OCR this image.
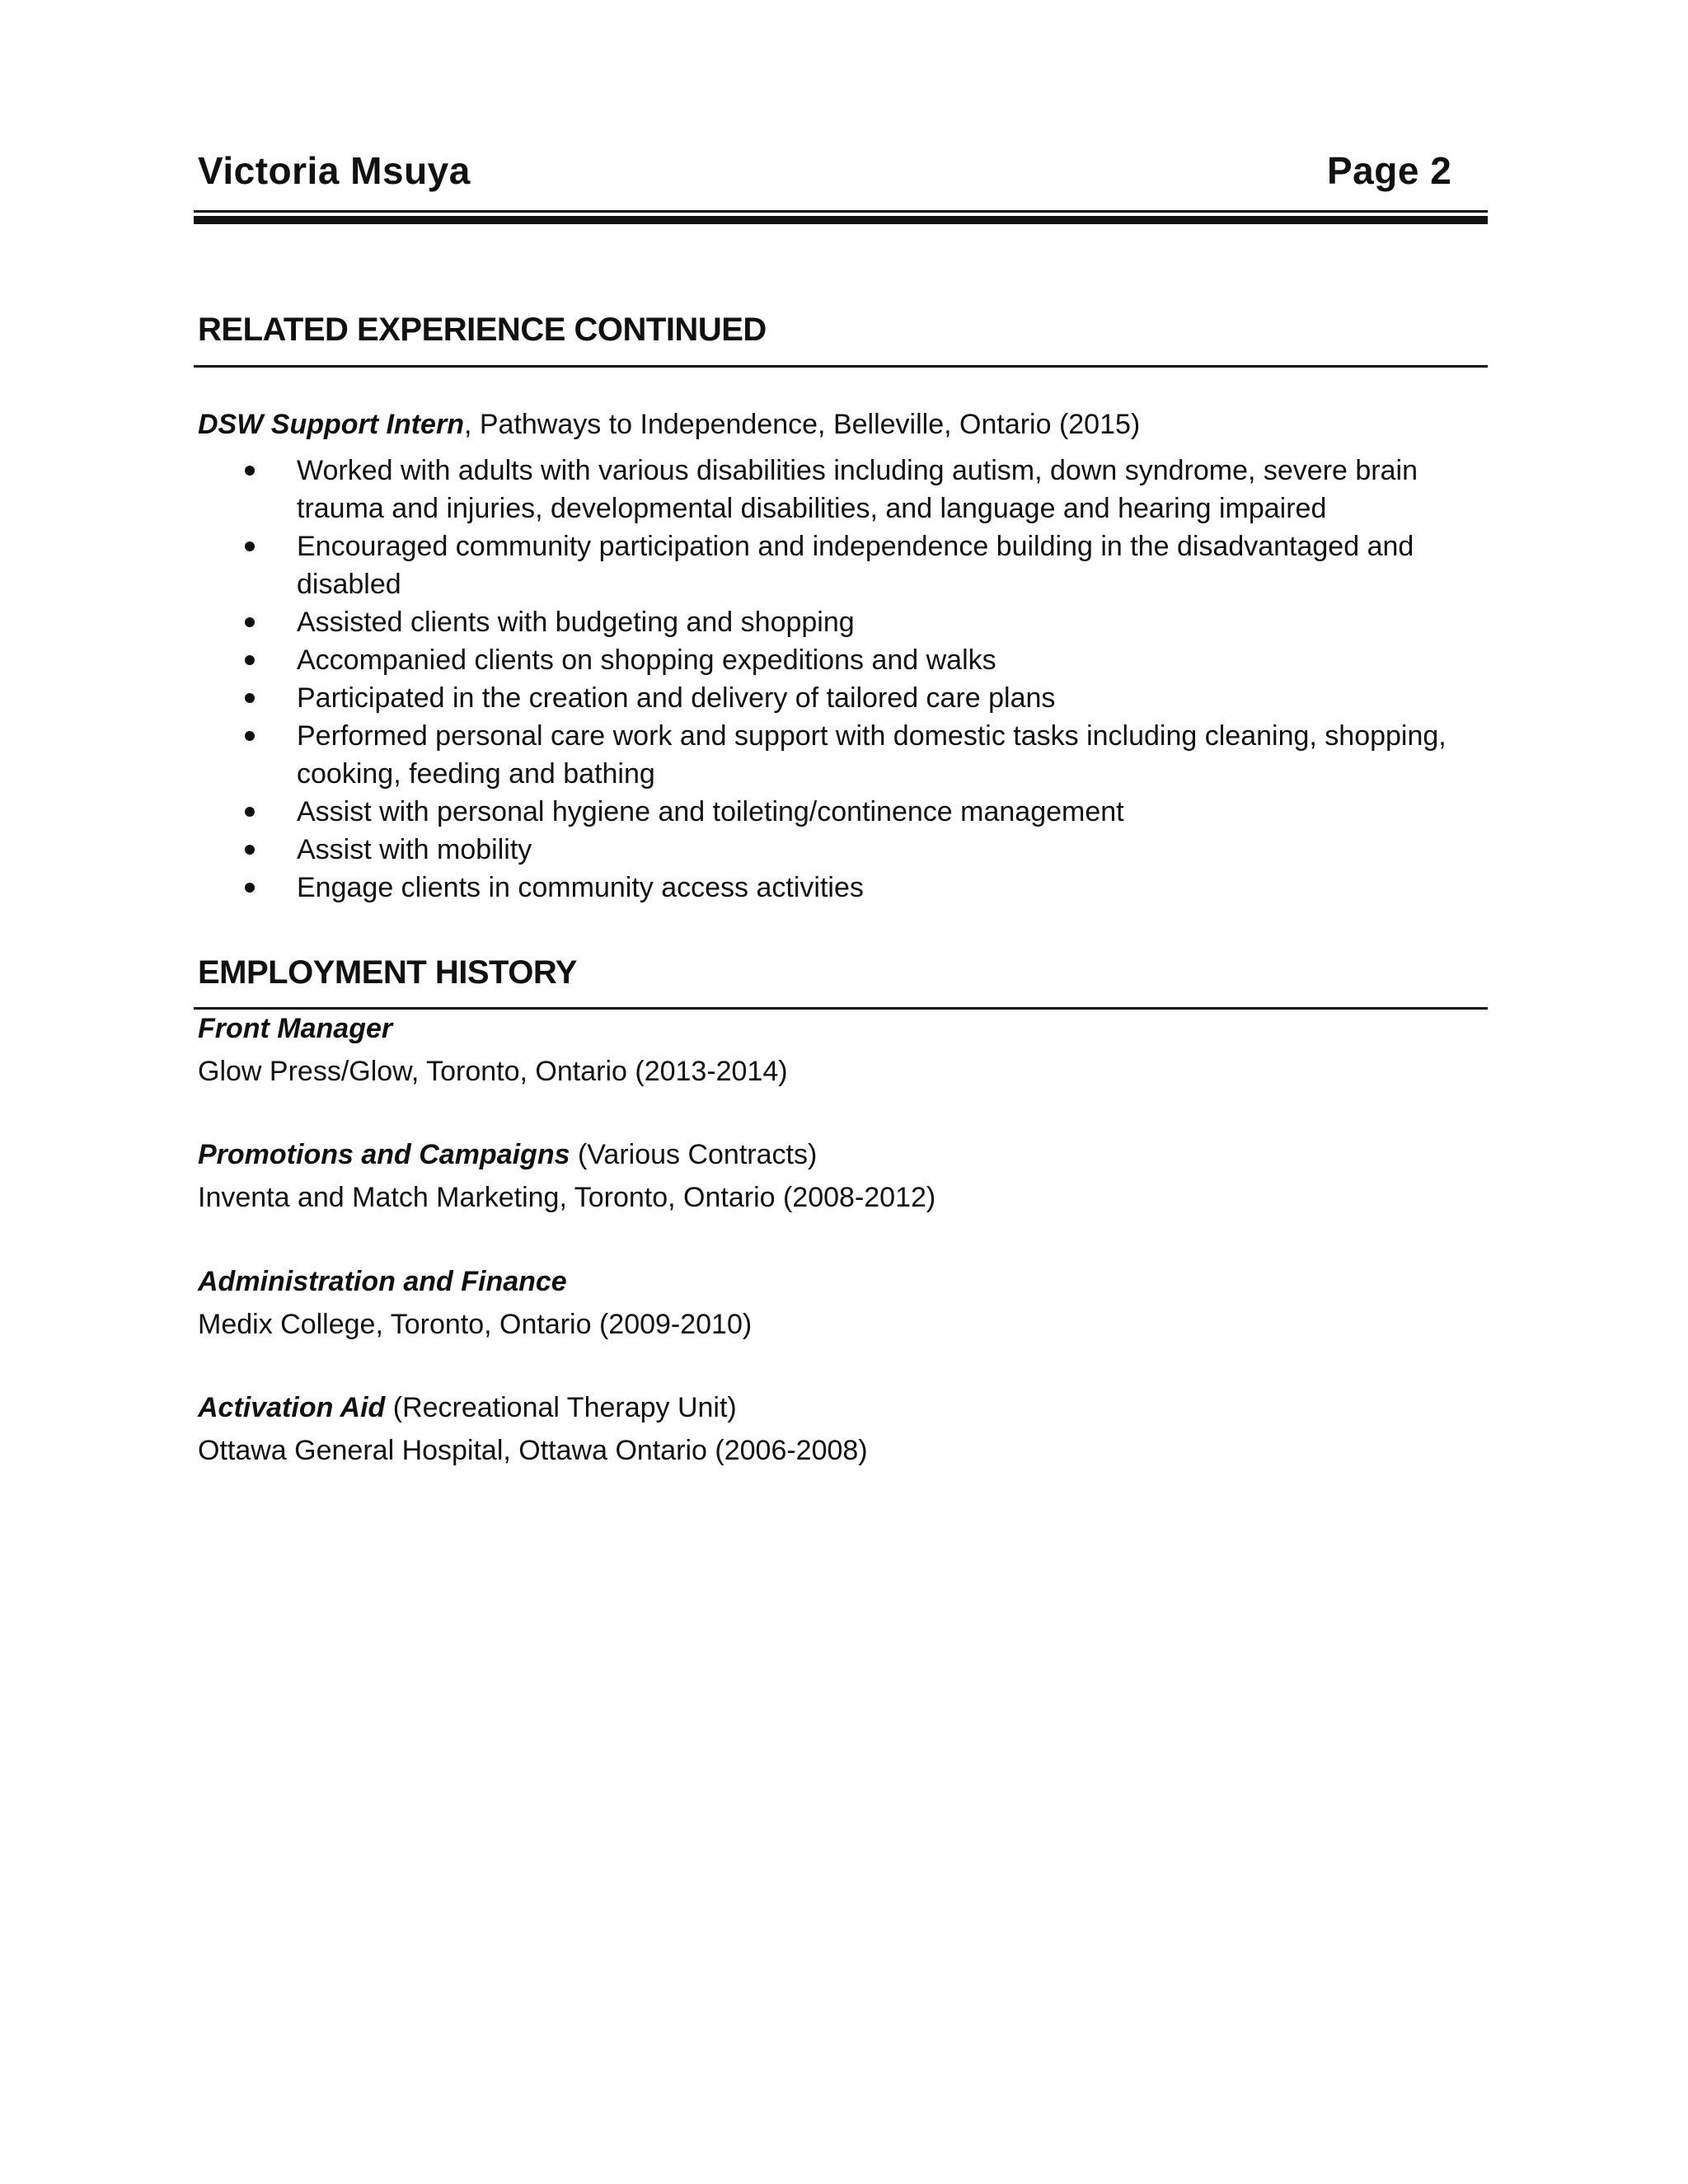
Victoria Msuya	Page 2
RELATED EXPERIENCE CONTINUED
DSW Support Intern, Pathways to Independence, Belleville, Ontario (2015)
Worked with adults with various disabilities including autism, down syndrome, severe brain trauma and injuries, developmental disabilities, and language and hearing impaired
Encouraged community participation and independence building in the disadvantaged and disabled
Assisted clients with budgeting and shopping
Accompanied clients on shopping expeditions and walks
Participated in the creation and delivery of tailored care plans
Performed personal care work and support with domestic tasks including cleaning, shopping, cooking, feeding and bathing
Assist with personal hygiene and toileting/continence management
Assist with mobility
Engage clients in community access activities
EMPLOYMENT HISTORY
Front Manager
Glow Press/Glow, Toronto, Ontario (2013-2014)
Promotions and Campaigns (Various Contracts)
Inventa and Match Marketing, Toronto, Ontario (2008-2012)
Administration and Finance
Medix College, Toronto, Ontario (2009-2010)
Activation Aid (Recreational Therapy Unit)
Ottawa General Hospital, Ottawa Ontario (2006-2008)
